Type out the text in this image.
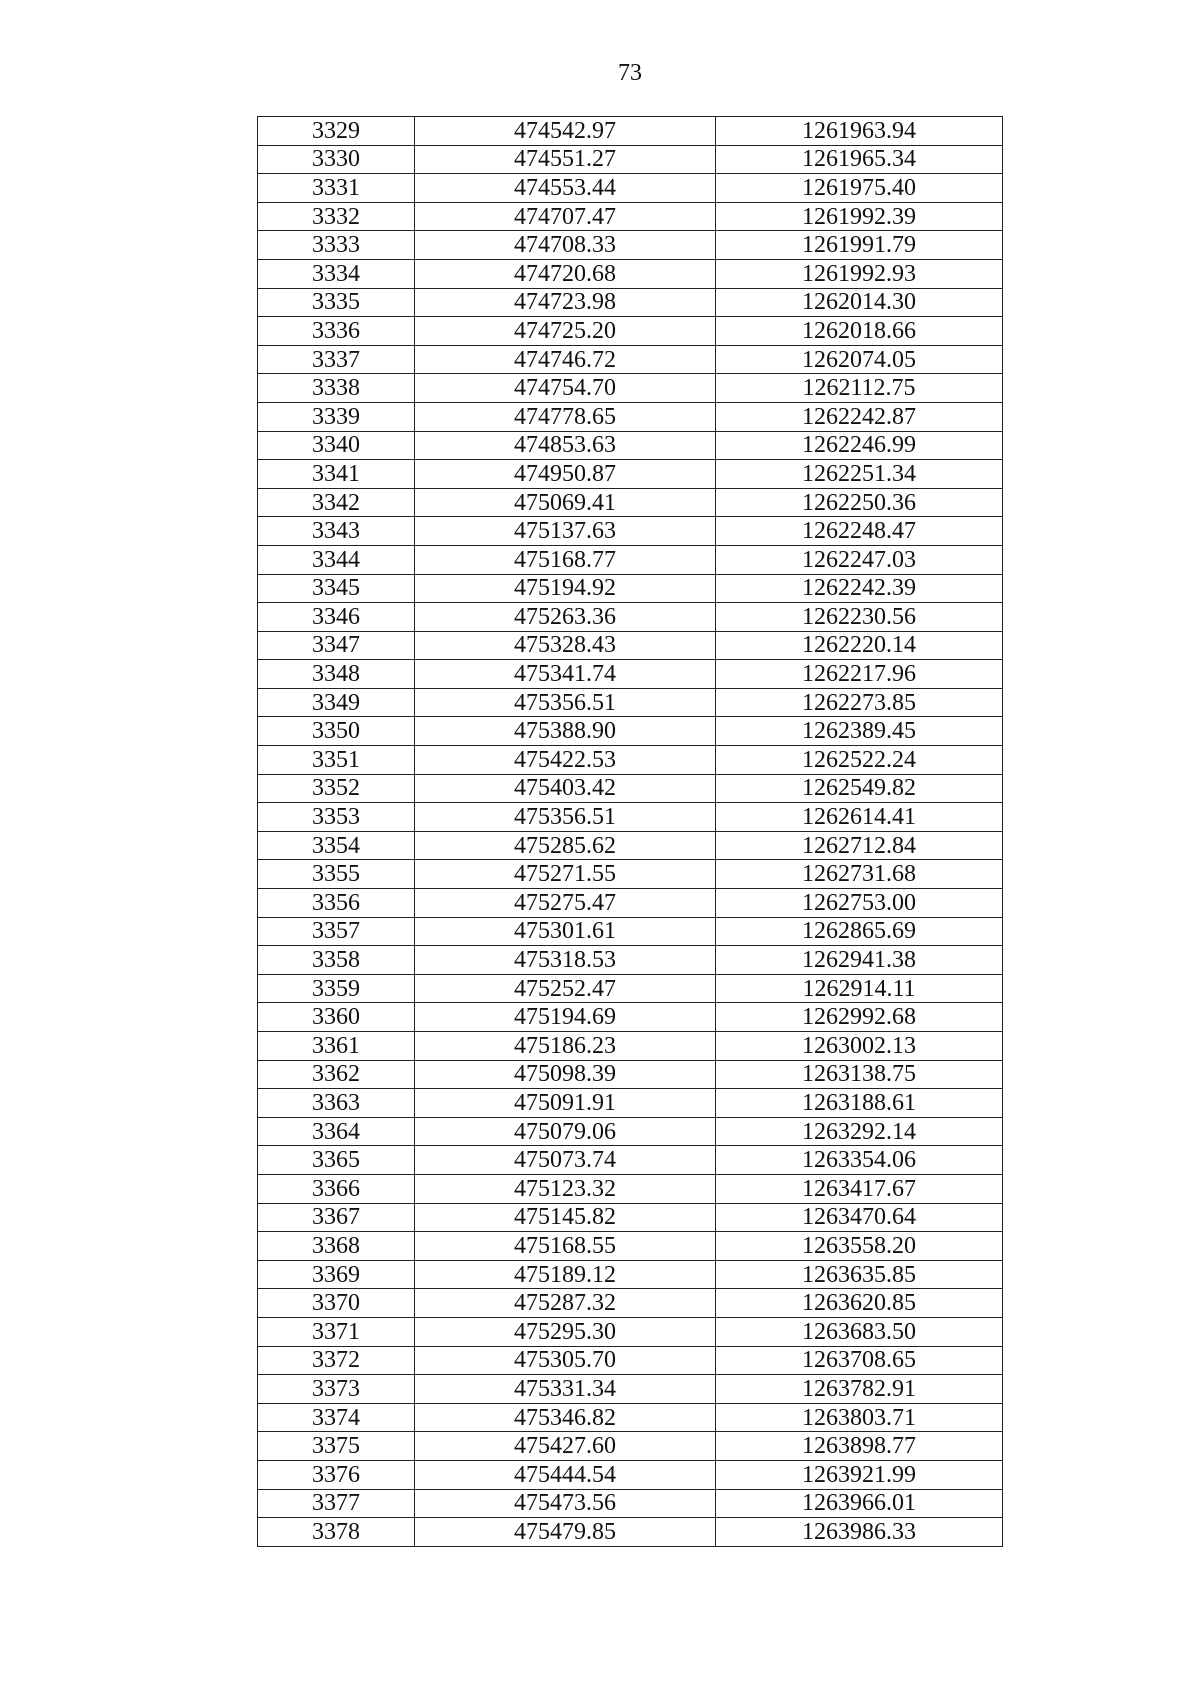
73
3329	474542.97	1261963.94
3330	474551.27	1261965.34
3331	474553.44	1261975.40
3332	474707.47	1261992.39
3333	474708.33	1261991.79
3334	474720.68	1261992.93
3335	474723.98	1262014.30
3336	474725.20	1262018.66
3337	474746.72	1262074.05
3338	474754.70	1262112.75
3339	474778.65	1262242.87
3340	474853.63	1262246.99
3341	474950.87	1262251.34
3342	475069.41	1262250.36
3343	475137.63	1262248.47
3344	475168.77	1262247.03
3345	475194.92	1262242.39
3346	475263.36	1262230.56
3347	475328.43	1262220.14
3348	475341.74	1262217.96
3349	475356.51	1262273.85
3350	475388.90	1262389.45
3351	475422.53	1262522.24
3352	475403.42	1262549.82
3353	475356.51	1262614.41
3354	475285.62	1262712.84
3355	475271.55	1262731.68
3356	475275.47	1262753.00
3357	475301.61	1262865.69
3358	475318.53	1262941.38
3359	475252.47	1262914.11
3360	475194.69	1262992.68
3361	475186.23	1263002.13
3362	475098.39	1263138.75
3363	475091.91	1263188.61
3364	475079.06	1263292.14
3365	475073.74	1263354.06
3366	475123.32	1263417.67
3367	475145.82	1263470.64
3368	475168.55	1263558.20
3369	475189.12	1263635.85
3370	475287.32	1263620.85
3371	475295.30	1263683.50
3372	475305.70	1263708.65
3373	475331.34	1263782.91
3374	475346.82	1263803.71
3375	475427.60	1263898.77
3376	475444.54	1263921.99
3377	475473.56	1263966.01
3378	475479.85	1263986.33
